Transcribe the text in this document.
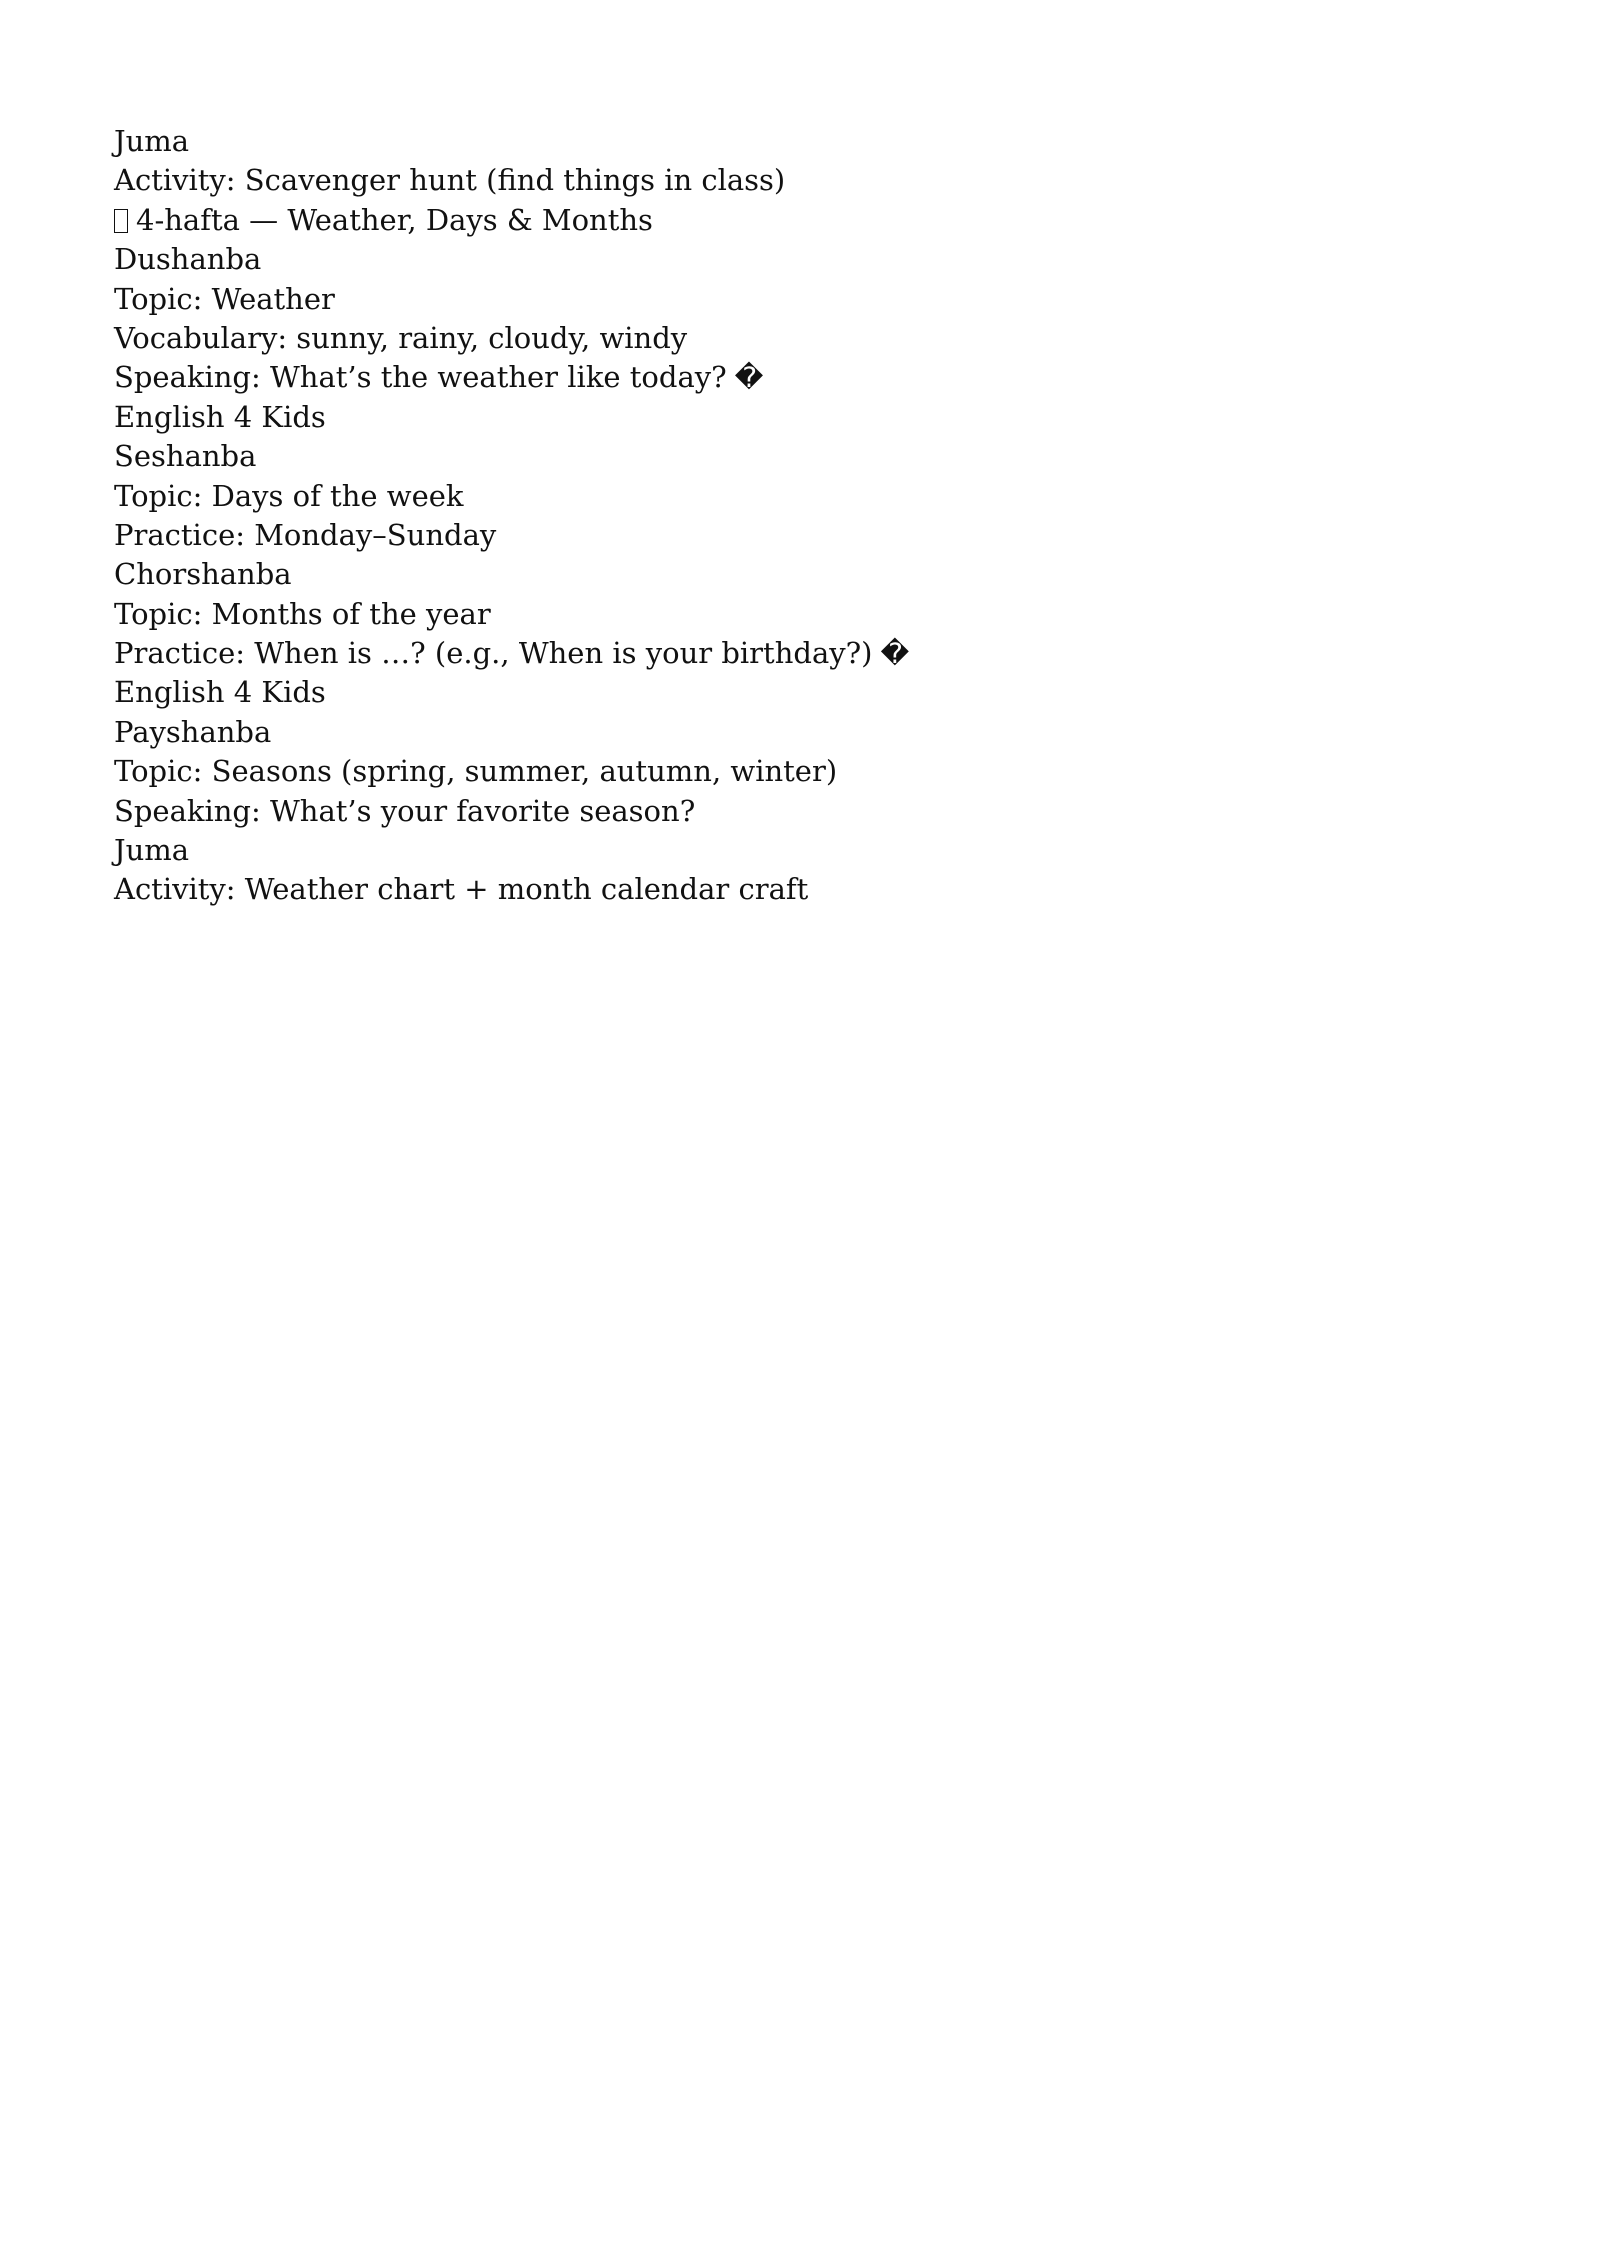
Juma
Activity: Scavenger hunt (find things in class)
4-hafta — Weather, Days & Months
Dushanba
Topic: Weather
Vocabulary: sunny, rainy, cloudy, windy
Speaking: What’s the weather like today? �
English 4 Kids
Seshanba
Topic: Days of the week
Practice: Monday–Sunday
Chorshanba
Topic: Months of the year
Practice: When is …? (e.g., When is your birthday?) �
English 4 Kids
Payshanba
Topic: Seasons (spring, summer, autumn, winter)
Speaking: What’s your favorite season?
Juma
Activity: Weather chart + month calendar craft
